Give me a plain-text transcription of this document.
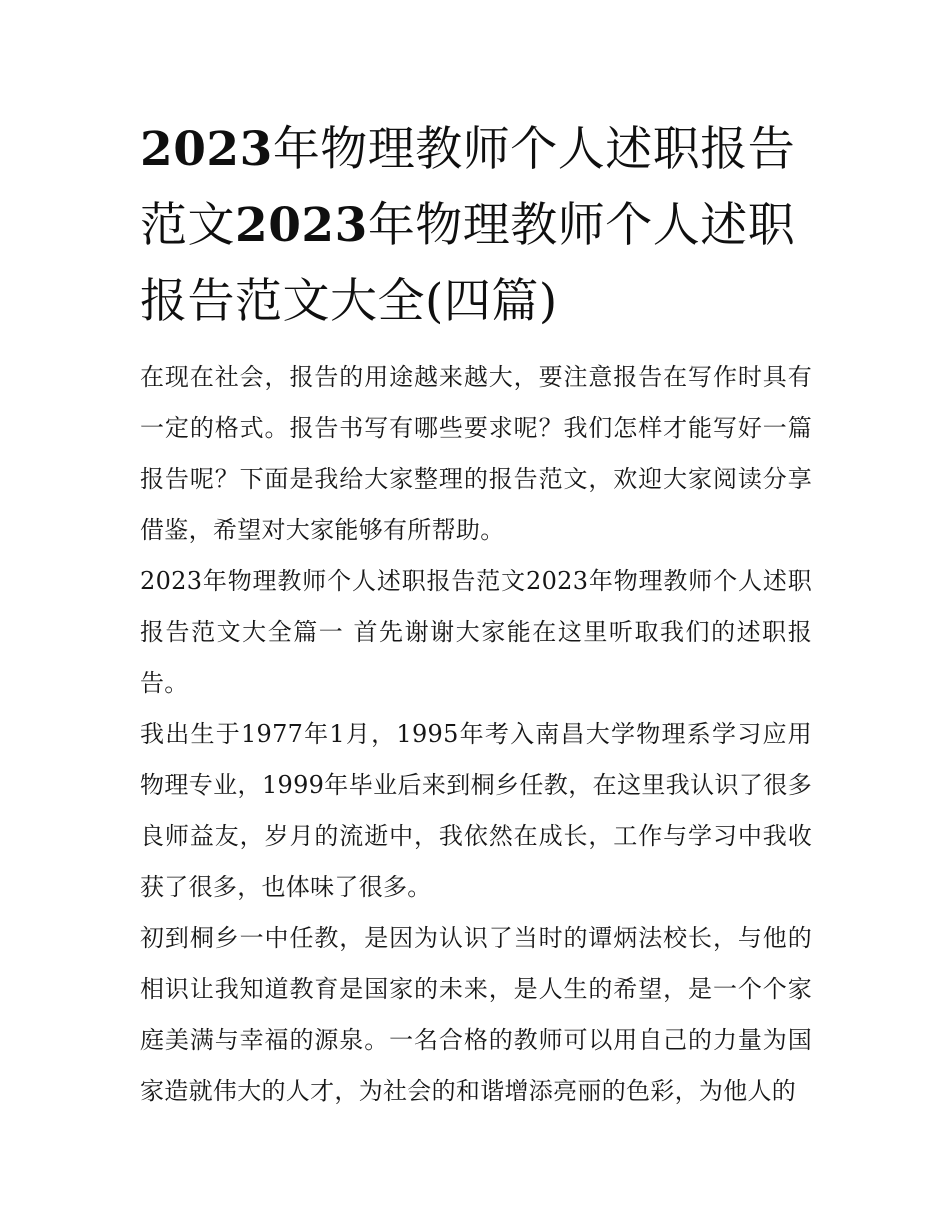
2023年物理教师个人述职报告范文2023年物理教师个人述职报告范文大全(四篇)

在现在社会，报告的用途越来越大，要注意报告在写作时具有一定的格式。报告书写有哪些要求呢？我们怎样才能写好一篇报告呢？下面是我给大家整理的报告范文，欢迎大家阅读分享借鉴，希望对大家能够有所帮助。

2023年物理教师个人述职报告范文2023年物理教师个人述职报告范文大全篇一 首先谢谢大家能在这里听取我们的述职报告。

我出生于1977年1月，1995年考入南昌大学物理系学习应用物理专业，1999年毕业后来到桐乡任教，在这里我认识了很多良师益友，岁月的流逝中，我依然在成长，工作与学习中我收获了很多，也体味了很多。

初到桐乡一中任教，是因为认识了当时的谭炳法校长，与他的相识让我知道教育是国家的未来，是人生的希望，是一个个家庭美满与幸福的源泉。一名合格的教师可以用自己的力量为国家造就伟大的人才，为社会的和谐增添亮丽的色彩，为他人的
